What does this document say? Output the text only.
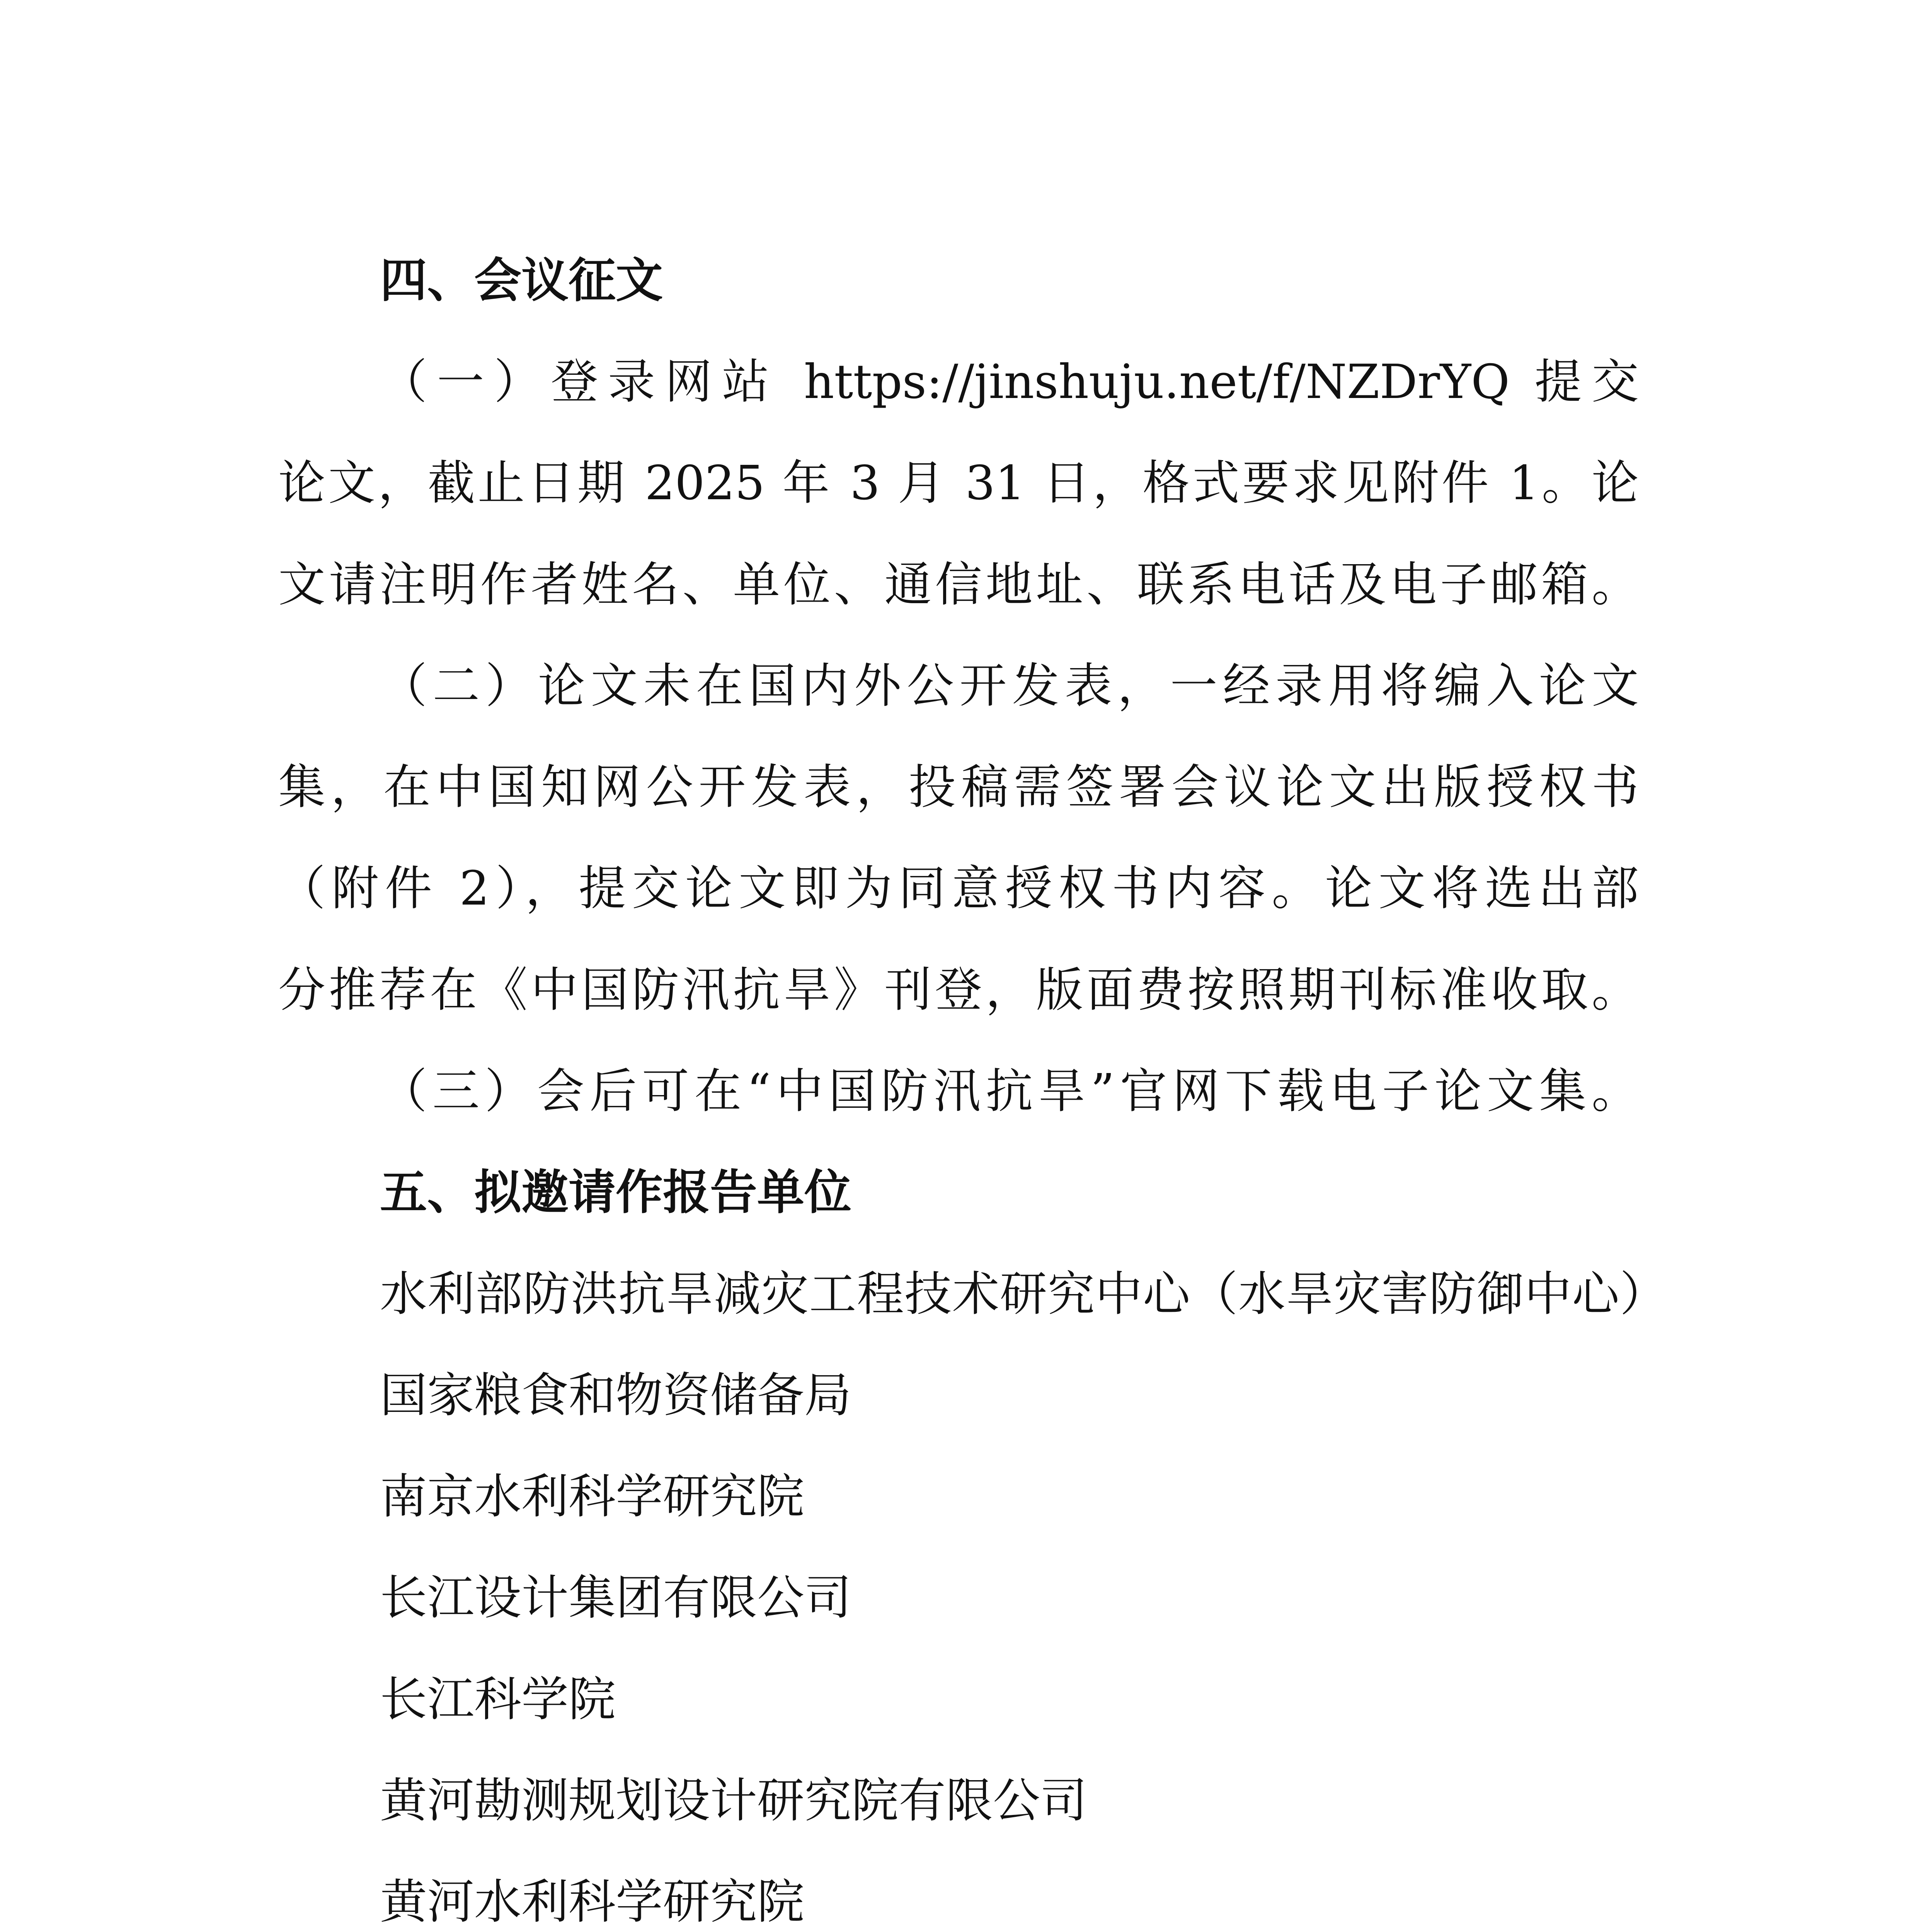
四、会议征文
（一）登录网站 https://jinshuju.net/f/NZDrYQ 提交
论文，截止日期 2025 年 3 月 31 日，格式要求见附件 1。论
文请注明作者姓名、单位、通信地址、联系电话及电子邮箱。
（二）论文未在国内外公开发表，一经录用将编入论文
集，在中国知网公开发表，投稿需签署会议论文出版授权书
（附件 2），提交论文即为同意授权书内容。论文将选出部
分推荐在《中国防汛抗旱》刊登，版面费按照期刊标准收取。
（三）会后可在“中国防汛抗旱”官网下载电子论文集。
五、拟邀请作报告单位
水利部防洪抗旱减灾工程技术研究中心（水旱灾害防御中心）
国家粮食和物资储备局
南京水利科学研究院
长江设计集团有限公司
长江科学院
黄河勘测规划设计研究院有限公司
黄河水利科学研究院
